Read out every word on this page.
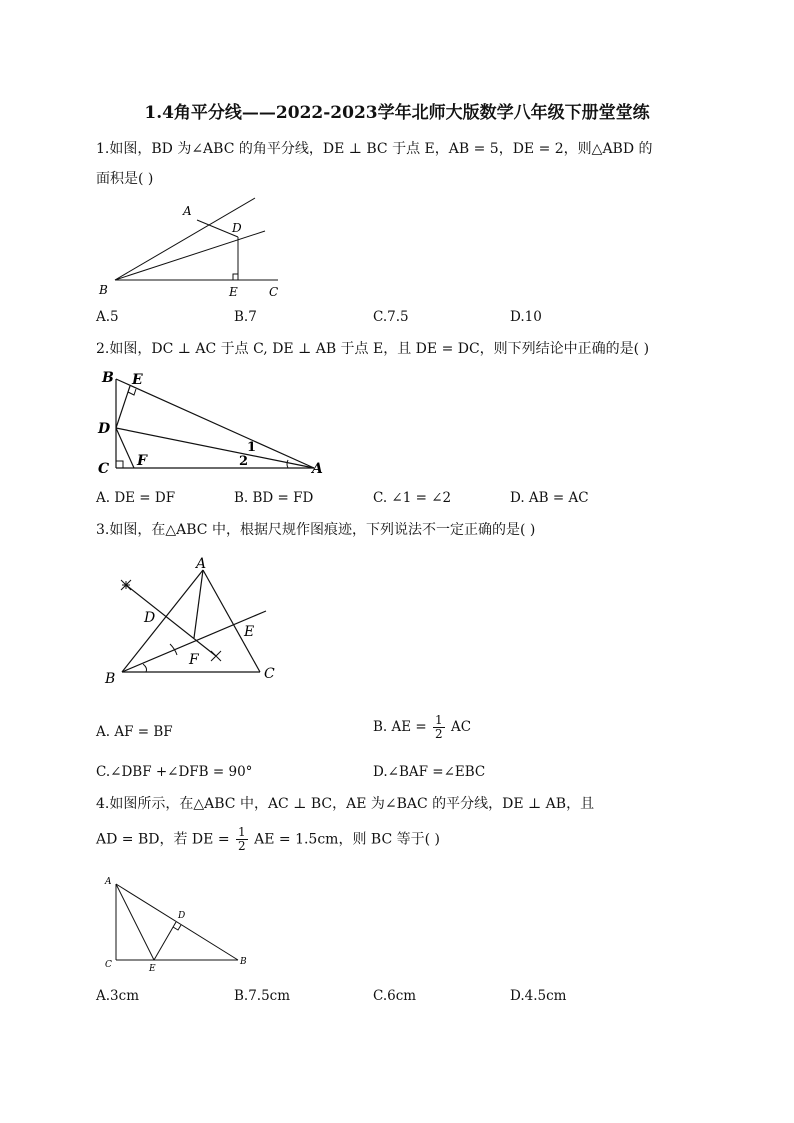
1.4角平分线——2022-2023学年北师大版数学八年级下册堂堂练
1.如图，BD 为∠ABC 的角平分线，DE ⊥ BC 于点 E，AB = 5，DE = 2，则△ABD 的
面积是( )
A
D
B	E	C
A.5	B.7	C.7.5	D.10
2.如图，DC ⊥ AC 于点 C, DE ⊥ AB 于点 E，且 DE = DC，则下列结论中正确的是( )
B E
D
C F
1
2	A
A. DE = DF	B. BD = FD	C. ∠1 = ∠2	D. AB = AC
3.如图，在△ABC 中，根据尺规作图痕迹，下列说法不一定正确的是( )
A
D
E
F
B	C
A. AF = BF	B. AE = $\frac{1}{2}$ AC
C.∠DBF +∠DFB = 90°	D.∠BAF =∠EBC
4.如图所示，在△ABC 中，AC ⊥ BC，AE 为∠BAC 的平分线，DE ⊥ AB，且
AD = BD，若 DE = $\frac{1}{2}$ AE = 1.5cm，则 BC 等于( )
A
D
C	E
B
A.3cm	B.7.5cm	C.6cm	D.4.5cm
